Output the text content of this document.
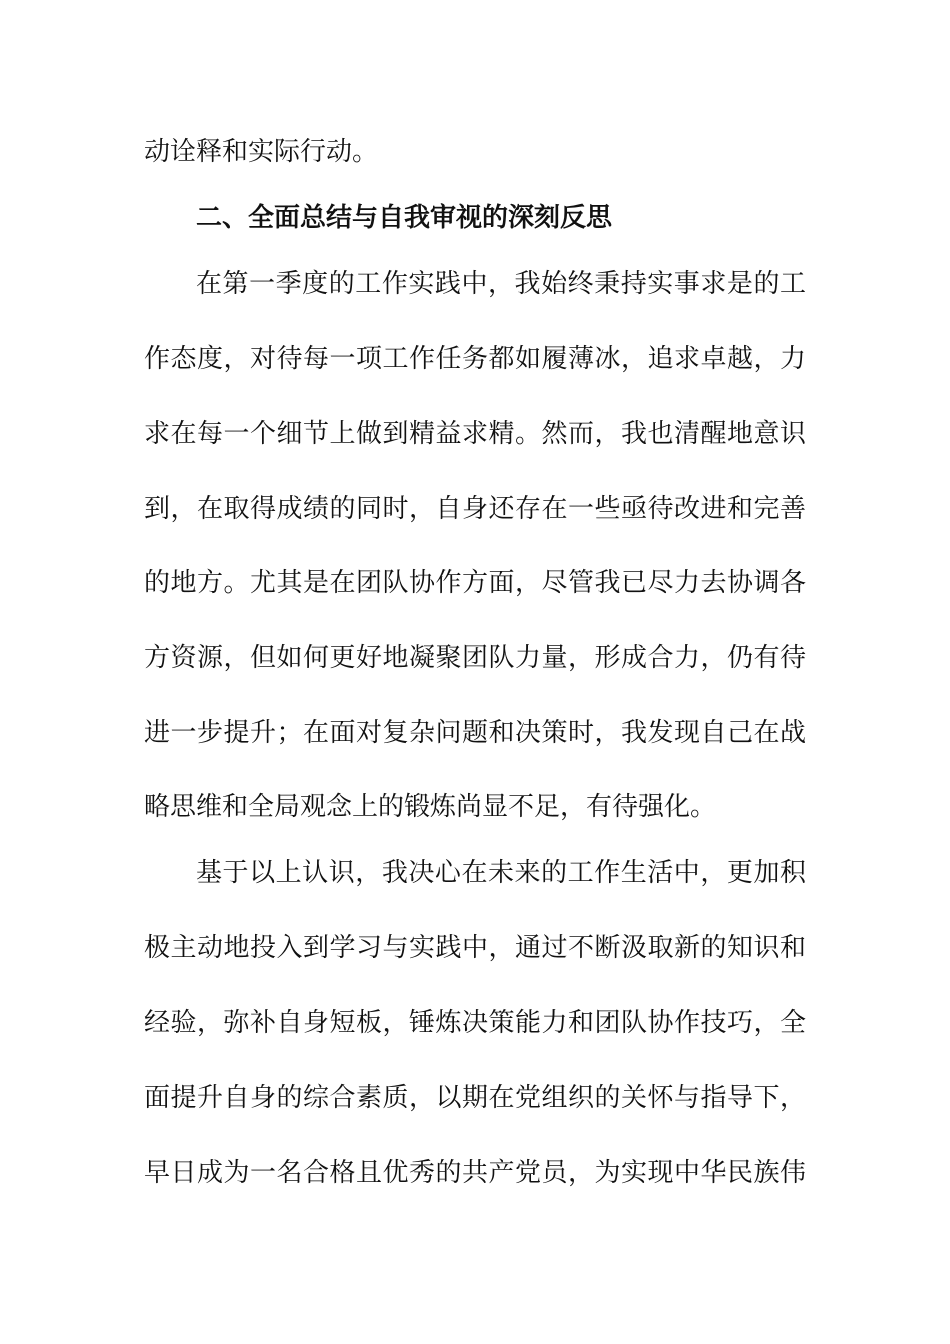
动诠释和实际行动。
二、全面总结与自我审视的深刻反思
在第一季度的工作实践中，我始终秉持实事求是的工
作态度，对待每一项工作任务都如履薄冰，追求卓越，力
求在每一个细节上做到精益求精。然而，我也清醒地意识
到，在取得成绩的同时，自身还存在一些亟待改进和完善
的地方。尤其是在团队协作方面，尽管我已尽力去协调各
方资源，但如何更好地凝聚团队力量，形成合力，仍有待
进一步提升；在面对复杂问题和决策时，我发现自己在战
略思维和全局观念上的锻炼尚显不足，有待强化。
基于以上认识，我决心在未来的工作生活中，更加积
极主动地投入到学习与实践中，通过不断汲取新的知识和
经验，弥补自身短板，锤炼决策能力和团队协作技巧，全
面提升自身的综合素质，以期在党组织的关怀与指导下，
早日成为一名合格且优秀的共产党员，为实现中华民族伟
